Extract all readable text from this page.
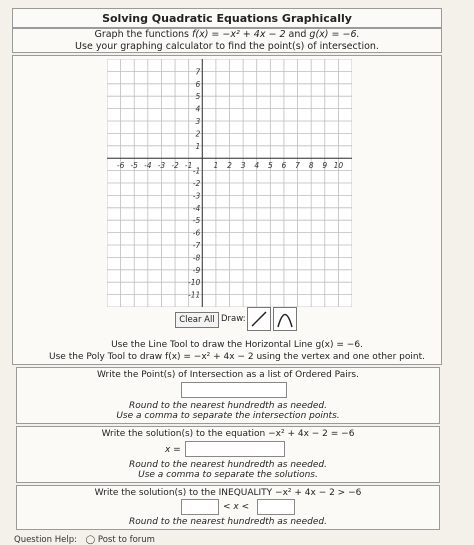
Solving Quadratic Equations Graphically
Graph the functions f(x) = −x² + 4x − 2 and g(x) = −6.
Use your graphing calculator to find the point(s) of intersection.
-6 -5 -4 -3 -2 -1	1 2 3 4 5 6 7 8 9 10
7
6
5
4
3
2
1
-1
-2
-3
-4
-5
-6
-7
-8
-9
-10
-11
Clear All Draw:
Use the Line Tool to draw the Horizontal Line g(x) = −6.
Use the Poly Tool to draw f(x) = −x² + 4x − 2 using the vertex and one other point.
Write the Point(s) of Intersection as a list of Ordered Pairs.
Round to the nearest hundredth as needed.
Use a comma to separate the intersection points.
Write the solution(s) to the equation −x² + 4x − 2 = −6
x =
Round to the nearest hundredth as needed.
Use a comma to separate the solutions.
Write the solution(s) to the INEQUALITY −x² + 4x − 2 > −6
< x <
Round to the nearest hundredth as needed.
Question Help: ◯ Post to forum
